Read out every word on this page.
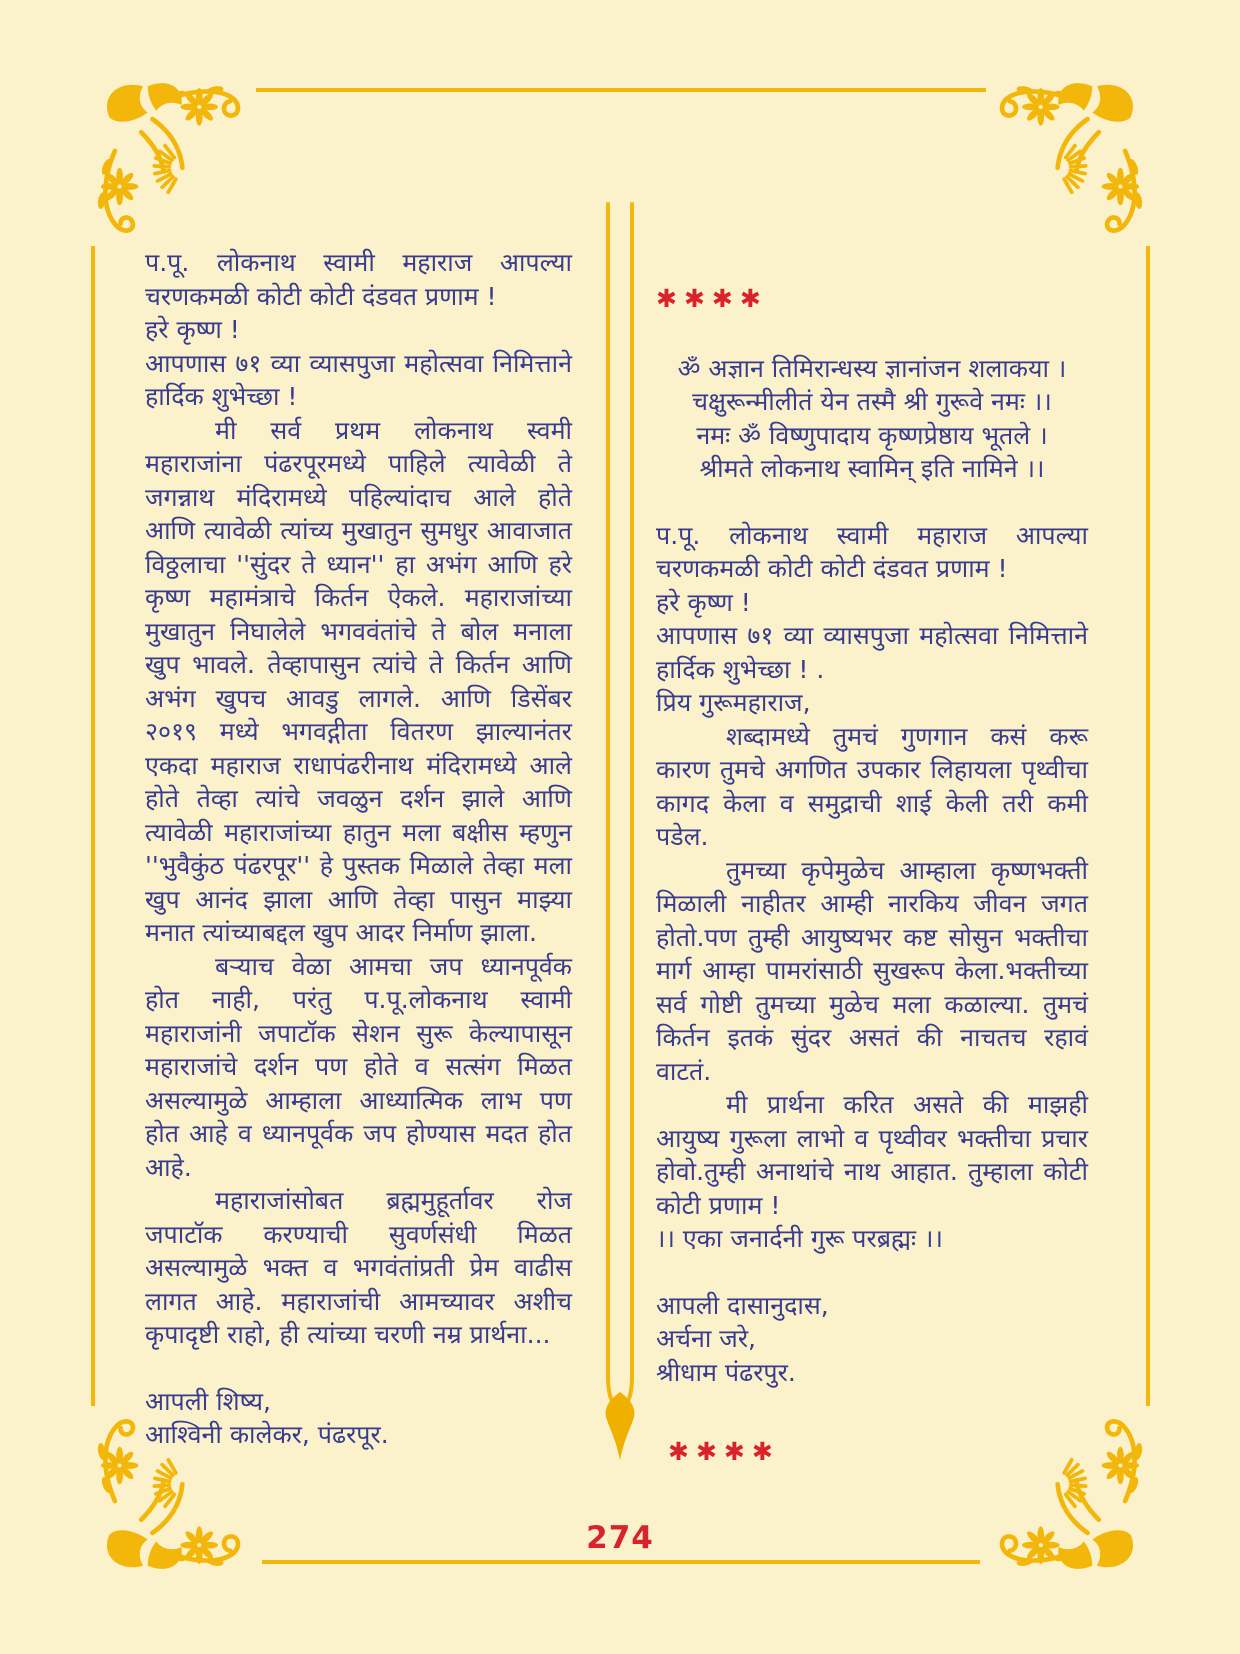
प.पू. लोकनाथ स्वामी महाराज आपल्या चरणकमळी कोटी कोटी दंडवत प्रणाम !

हरे कृष्ण !

आपणास ७१ व्या व्यासपुजा महोत्सवा निमित्ताने हार्दिक शुभेच्छा !

मी सर्व प्रथम लोकनाथ स्वमी महाराजांना पंढरपूरमध्ये पाहिले त्यावेळी ते जगन्नाथ मंदिरामध्ये पहिल्यांदाच आले होते आणि त्यावेळी त्यांच्य मुखातुन सुमधुर आवाजात विठ्ठलाचा ''सुंदर ते ध्यान'' हा अभंग आणि हरे कृष्ण महामंत्राचे किर्तन ऐकले. महाराजांच्या मुखातुन निघालेले भगववंतांचे ते बोल मनाला खुप भावले. तेव्हापासुन त्यांचे ते किर्तन आणि अभंग खुपच आवडु लागले. आणि डिसेंबर २०१९ मध्ये भगवद्गीता वितरण झाल्यानंतर एकदा महाराज राधापंढरीनाथ मंदिरामध्ये आले होते तेव्हा त्यांचे जवळुन दर्शन झाले आणि त्यावेळी महाराजांच्या हातुन मला बक्षीस म्हणुन ''भुवैकुंठ पंढरपूर'' हे पुस्तक मिळाले तेव्हा मला खुप आनंद झाला आणि तेव्हा पासुन माझ्या मनात त्यांच्याबद्दल खुप आदर निर्माण झाला.

बऱ्याच वेळा आमचा जप ध्यानपूर्वक होत नाही, परंतु प.पू.लोकनाथ स्वामी महाराजांनी जपाटॉक सेशन सुरू केल्यापासून महाराजांचे दर्शन पण होते व सत्संग मिळत असल्यामुळे आम्हाला आध्यात्मिक लाभ पण होत आहे व ध्यानपूर्वक जप होण्यास मदत होत आहे.

महाराजांसोबत ब्रह्ममुहूर्तावर रोज जपाटॉक करण्याची सुवर्णसंधी मिळत असल्यामुळे भक्त व भगवंतांप्रती प्रेम वाढीस लागत आहे. महाराजांची आमच्यावर अशीच कृपादृष्टी राहो, ही त्यांच्या चरणी नम्र प्रार्थना...

आपली शिष्य,

आश्विनी कालेकर, पंढरपूर.

✱✱✱✱

ॐ अज्ञान तिमिरान्धस्य ज्ञानांजन शलाकया ।

चक्षुरून्मीलीतं येन तस्मै श्री गुरूवे नमः ।।

नमः ॐ विष्णुपादाय कृष्णप्रेष्ठाय भूतले ।

श्रीमते लोकनाथ स्वामिन् इति नामिने ।।

प.पू. लोकनाथ स्वामी महाराज आपल्या चरणकमळी कोटी कोटी दंडवत प्रणाम !

हरे कृष्ण !

आपणास ७१ व्या व्यासपुजा महोत्सवा निमित्ताने हार्दिक शुभेच्छा ! .

प्रिय गुरूमहाराज,

शब्दामध्ये तुमचं गुणगान कसं करू कारण तुमचे अगणित उपकार लिहायला पृथ्वीचा कागद केला व समुद्राची शाई केली तरी कमी पडेल.

तुमच्या कृपेमुळेच आम्हाला कृष्णभक्ती मिळाली नाहीतर आम्ही नारकिय जीवन जगत होतो.पण तुम्ही आयुष्यभर कष्ट सोसुन भक्तीचा मार्ग आम्हा पामरांसाठी सुखरूप केला.भक्तीच्या सर्व गोष्टी तुमच्या मुळेच मला कळाल्या. तुमचं किर्तन इतकं सुंदर असतं की नाचतच रहावं वाटतं.

मी प्रार्थना करित असते की माझही आयुष्य गुरूला लाभो व पृथ्वीवर भक्तीचा प्रचार होवो.तुम्ही अनाथांचे नाथ आहात. तुम्हाला कोटी कोटी प्रणाम !

।। एका जनार्दनी गुरू परब्रह्मः ।।

आपली दासानुदास,

अर्चना जरे,

श्रीधाम पंढरपुर.

✱✱✱✱
274
